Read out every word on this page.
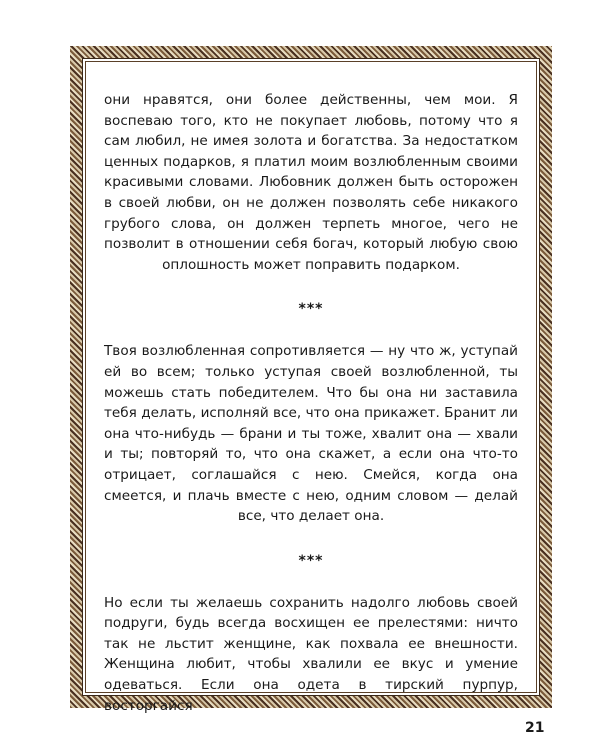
они нравятся, они более действенны, чем мои. Я воспеваю того, кто не покупает любовь, потому что я сам любил, не имея золота и богатства. За недостатком ценных подарков, я платил моим возлюбленным своими красивыми словами. Любовник должен быть осторожен в своей любви, он не должен позволять себе никакого грубого слова, он должен терпеть многое, чего не позволит в отношении себя богач, который любую свою оплошность может поправить подарком.

***

Твоя возлюбленная сопротивляется — ну что ж, уступай ей во всем; только уступая своей возлюбленной, ты можешь стать победителем. Что бы она ни заставила тебя делать, исполняй все, что она прикажет. Бранит ли она что-нибудь — брани и ты тоже, хвалит она — хвали и ты; повторяй то, что она скажет, а если она что-то отрицает, соглашайся с нею. Смейся, когда она смеется, и плачь вместе с нею, одним словом — делай все, что делает она.

***

Но если ты желаешь сохранить надолго любовь своей подруги, будь всегда восхищен ее прелестями: ничто так не льстит женщине, как похвала ее внешности. Женщина любит, чтобы хвалили ее вкус и умение одеваться. Если она одета в тирский пурпур, восторгайся

21
